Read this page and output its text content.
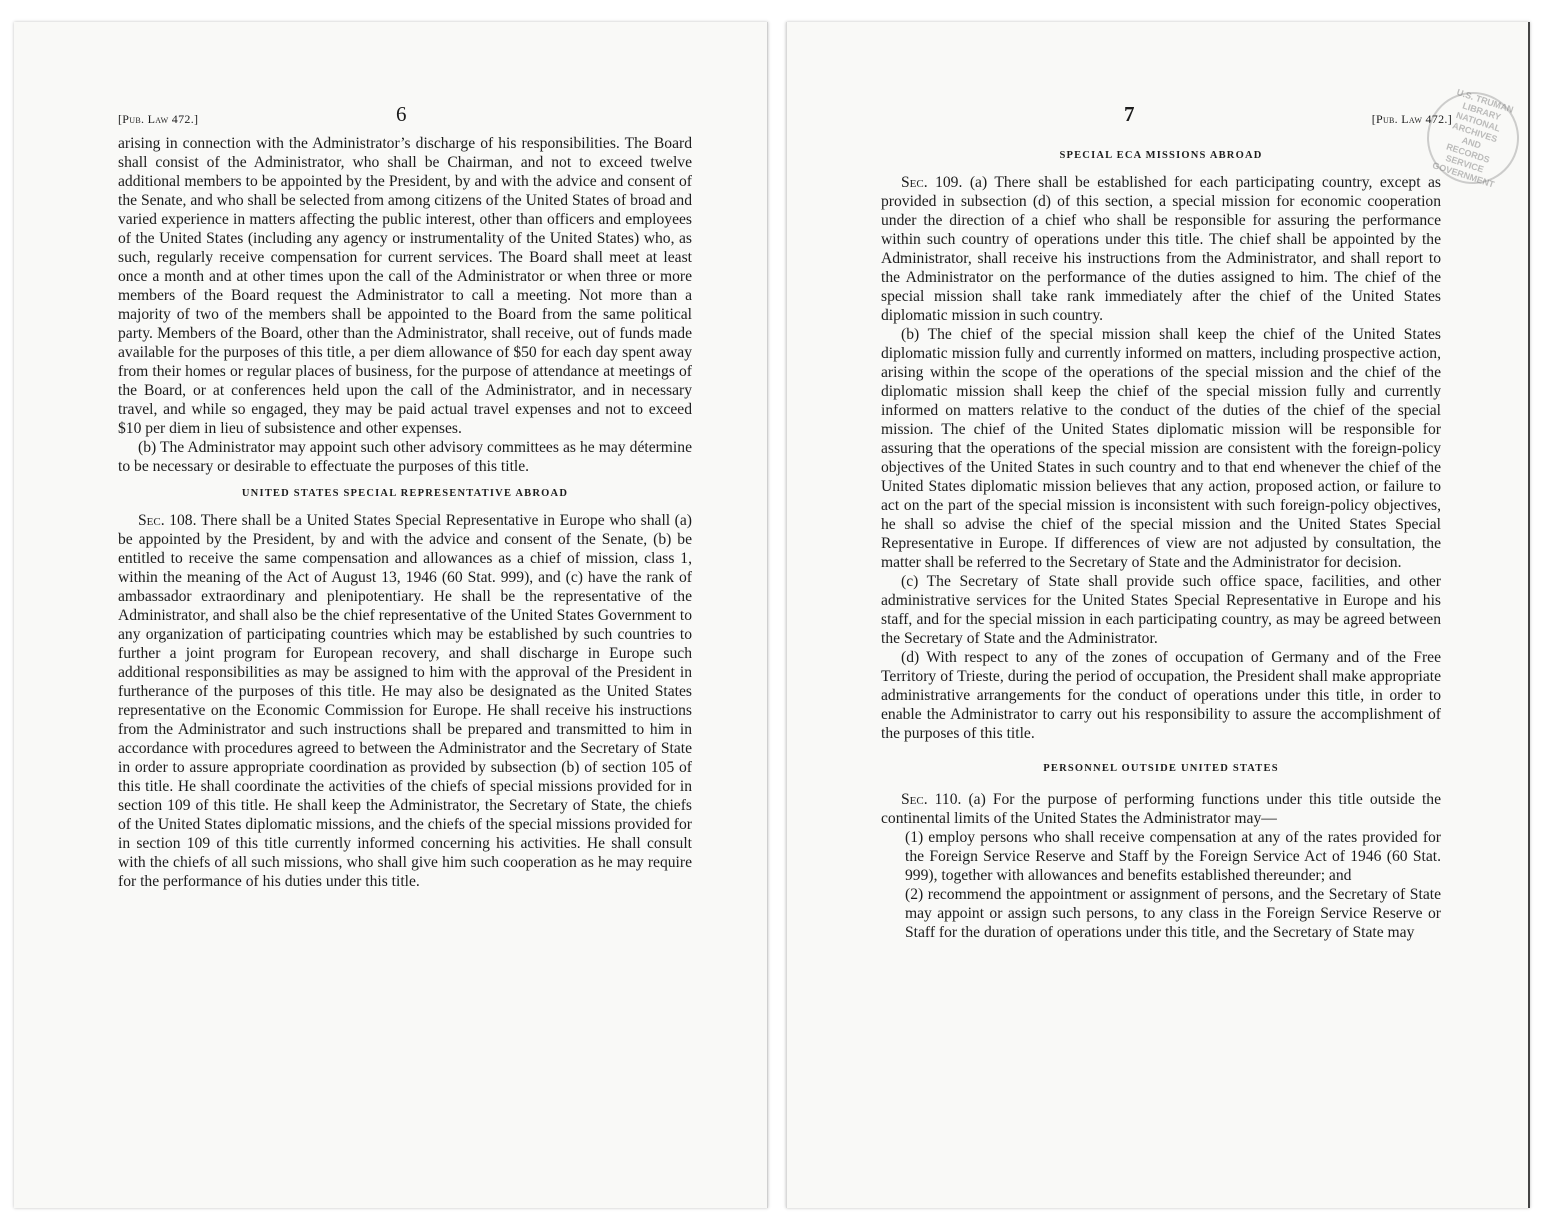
[Pub. Law 472.]	6

arising in connection with the Administrator’s discharge of his responsibilities. The Board shall consist of the Administrator, who shall be Chairman, and not to exceed twelve additional members to be appointed by the President, by and with the advice and consent of the Senate, and who shall be selected from among citizens of the United States of broad and varied experience in matters affecting the public interest, other than officers and employees of the United States (including any agency or instrumentality of the United States) who, as such, regularly receive compensation for current services. The Board shall meet at least once a month and at other times upon the call of the Administrator or when three or more members of the Board request the Administrator to call a meeting. Not more than a majority of two of the members shall be appointed to the Board from the same political party. Members of the Board, other than the Administrator, shall receive, out of funds made available for the purposes of this title, a per diem allowance of $50 for each day spent away from their homes or regular places of business, for the purpose of attendance at meetings of the Board, or at conferences held upon the call of the Administrator, and in necessary travel, and while so engaged, they may be paid actual travel expenses and not to exceed $10 per diem in lieu of subsistence and other expenses.

(b) The Administrator may appoint such other advisory committees as he may détermine to be necessary or desirable to effectuate the purposes of this title.

UNITED STATES SPECIAL REPRESENTATIVE ABROAD

Sec. 108. There shall be a United States Special Representative in Europe who shall (a) be appointed by the President, by and with the advice and consent of the Senate, (b) be entitled to receive the same compensation and allowances as a chief of mission, class 1, within the meaning of the Act of August 13, 1946 (60 Stat. 999), and (c) have the rank of ambassador extraordinary and plenipotentiary. He shall be the representative of the Administrator, and shall also be the chief representative of the United States Government to any organization of participating countries which may be established by such countries to further a joint program for European recovery, and shall discharge in Europe such additional responsibilities as may be assigned to him with the approval of the President in furtherance of the purposes of this title. He may also be designated as the United States representative on the Economic Commission for Europe. He shall receive his instructions from the Administrator and such instructions shall be prepared and transmitted to him in accordance with procedures agreed to between the Administrator and the Secretary of State in order to assure appropriate coordination as provided by subsection (b) of section 105 of this title. He shall coordinate the activities of the chiefs of special missions provided for in section 109 of this title. He shall keep the Administrator, the Secretary of State, the chiefs of the United States diplomatic missions, and the chiefs of the special missions provided for in section 109 of this title currently informed concerning his activities. He shall consult with the chiefs of all such missions, who shall give him such cooperation as he may require for the performance of his duties under this title.

7	[Pub. Law 472.]
U.S. TRUMAN LIBRARY NATIONAL ARCHIVES AND RECORDS SERVICE GOVERNMENT
SPECIAL ECA MISSIONS ABROAD

Sec. 109. (a) There shall be established for each participating country, except as provided in subsection (d) of this section, a special mission for economic cooperation under the direction of a chief who shall be responsible for assuring the performance within such country of operations under this title. The chief shall be appointed by the Administrator, shall receive his instructions from the Administrator, and shall report to the Administrator on the performance of the duties assigned to him. The chief of the special mission shall take rank immediately after the chief of the United States diplomatic mission in such country.

(b) The chief of the special mission shall keep the chief of the United States diplomatic mission fully and currently informed on matters, including prospective action, arising within the scope of the operations of the special mission and the chief of the diplomatic mission shall keep the chief of the special mission fully and currently informed on matters relative to the conduct of the duties of the chief of the special mission. The chief of the United States diplomatic mission will be responsible for assuring that the operations of the special mission are consistent with the foreign-policy objectives of the United States in such country and to that end whenever the chief of the United States diplomatic mission believes that any action, proposed action, or failure to act on the part of the special mission is inconsistent with such foreign-policy objectives, he shall so advise the chief of the special mission and the United States Special Representative in Europe. If differences of view are not adjusted by consultation, the matter shall be referred to the Secretary of State and the Administrator for decision.

(c) The Secretary of State shall provide such office space, facilities, and other administrative services for the United States Special Representative in Europe and his staff, and for the special mission in each participating country, as may be agreed between the Secretary of State and the Administrator.

(d) With respect to any of the zones of occupation of Germany and of the Free Territory of Trieste, during the period of occupation, the President shall make appropriate administrative arrangements for the conduct of operations under this title, in order to enable the Administrator to carry out his responsibility to assure the accomplishment of the purposes of this title.

PERSONNEL OUTSIDE UNITED STATES

Sec. 110. (a) For the purpose of performing functions under this title outside the continental limits of the United States the Administrator may—

(1) employ persons who shall receive compensation at any of the rates provided for the Foreign Service Reserve and Staff by the Foreign Service Act of 1946 (60 Stat. 999), together with allowances and benefits established thereunder; and

(2) recommend the appointment or assignment of persons, and the Secretary of State may appoint or assign such persons, to any class in the Foreign Service Reserve or Staff for the duration of operations under this title, and the Secretary of State may
